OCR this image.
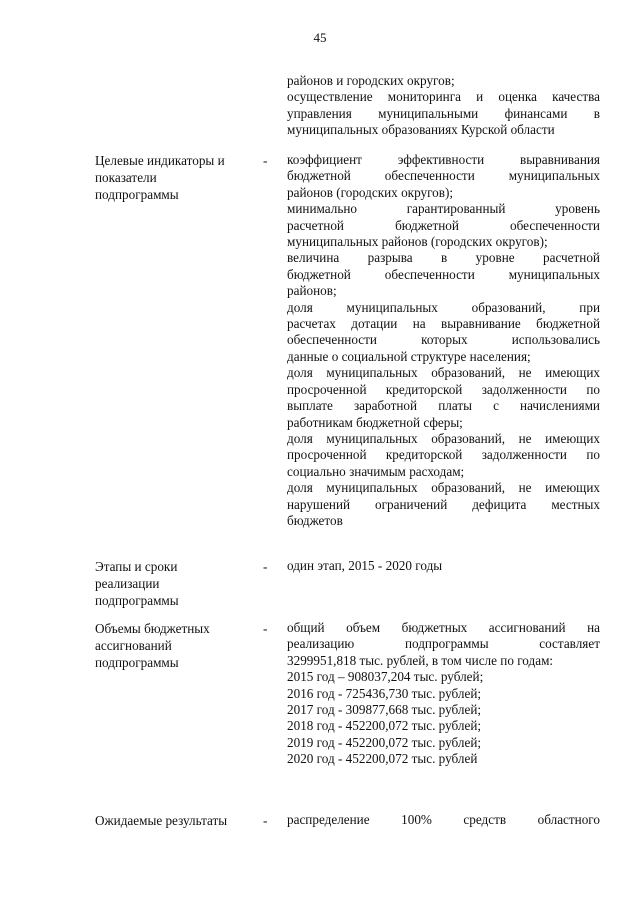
45
районов и городских округов;
осуществление мониторинга и оценка качества
управления муниципальными финансами в
муниципальных образованиях Курской области
Целевые индикаторы и
показатели
подпрограммы
- коэффициент эффективности выравнивания
бюджетной обеспеченности муниципальных
районов (городских округов);
минимально гарантированный уровень
расчетной бюджетной обеспеченности
муниципальных районов (городских округов);
величина разрыва в уровне расчетной
бюджетной обеспеченности муниципальных
районов;
доля муниципальных образований, при
расчетах дотации на выравнивание бюджетной
обеспеченности которых использовались
данные о социальной структуре населения;
доля муниципальных образований, не имеющих
просроченной кредиторской задолженности по
выплате заработной платы с начислениями
работникам бюджетной сферы;
доля муниципальных образований, не имеющих
просроченной кредиторской задолженности по
социально значимым расходам;
доля муниципальных образований, не имеющих
нарушений ограничений дефицита местных
бюджетов
Этапы и сроки
реализации
подпрограммы
- один этап, 2015 - 2020 годы
Объемы бюджетных
ассигнований
подпрограммы
- общий объем бюджетных ассигнований на
реализацию подпрограммы составляет
3299951,818 тыс. рублей, в том числе по годам:
2015 год – 908037,204 тыс. рублей;
2016 год - 725436,730 тыс. рублей;
2017 год - 309877,668 тыс. рублей;
2018 год - 452200,072 тыс. рублей;
2019 год - 452200,072 тыс. рублей;
2020 год - 452200,072 тыс. рублей
Ожидаемые результаты	- распределение 100% средств областного
